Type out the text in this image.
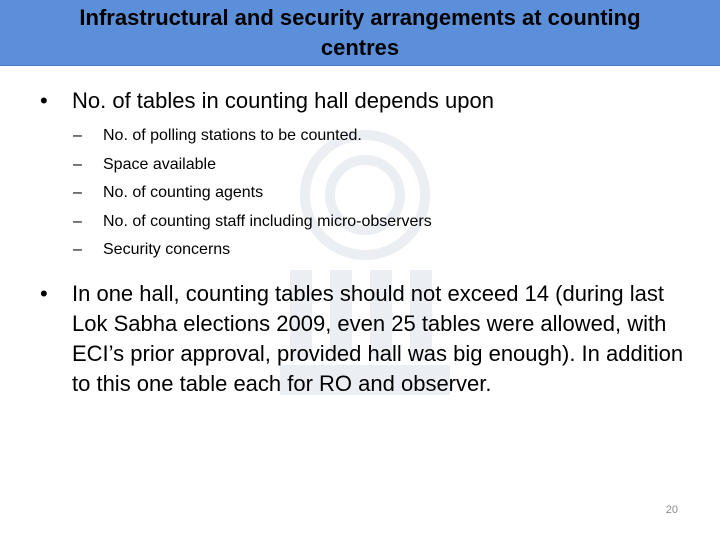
Infrastructural and security arrangements at counting centres
• No. of tables in counting hall depends upon
– No. of polling stations to be counted.
– Space available
– No. of counting agents
– No. of counting staff including micro-observers
– Security concerns
• In one hall, counting tables should not exceed 14 (during last Lok Sabha elections 2009, even 25 tables were allowed, with ECI’s prior approval, provided hall was big enough). In addition to this one table each for RO and observer.
20
